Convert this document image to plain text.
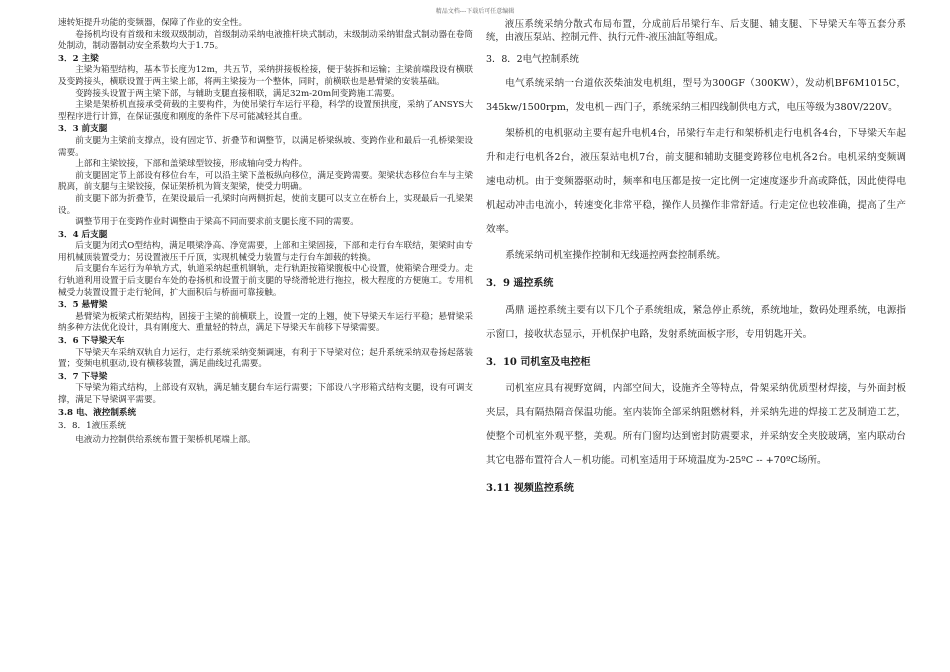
精品文档---下载后可任意编辑

速转矩提升功能的变频器，保障了作业的安全性。

卷扬机均设有首级和末级双级制动，首级制动采纳电液推杆块式制动，末级制动采纳钳盘式制动器在卷筒处制动，制动器制动安全系数均大于1.75。

3．2 主梁

主梁为箱型结构，基本节长度为12m，共五节，采纳拼接板栓接，便于装拆和运输；主梁前端段设有横联及变跨接头，横联设置于两主梁上部，将两主梁接为一个整体，同时，前横联也是悬臂梁的安装基础。

变跨接头设置于两主梁下部，与辅助支腿直接相联，满足32m-20m间变跨施工需要。

主梁是架桥机直接承受荷载的主要构件，为使吊梁行车运行平稳，科学的设置预拱度，采纳了ANSYS大型程序进行计算，在保证强度和刚度的条件下尽可能减轻其自重。

3．3 前支腿

前支腿为主梁前支撑点，设有固定节、折叠节和调整节，以满足桥梁纵坡、变跨作业和最后一孔桥梁架设需要。

上部和主梁铰接，下部和盖梁球型铰接，形成轴向受力构件。

前支腿固定节上部设有移位台车，可以沿主梁下盖板纵向移位，满足变跨需要。架梁状态移位台车与主梁脱离，前支腿与主梁铰接，保证架桥机为简支架梁，使受力明确。

前支腿下部为折叠节，在架设最后一孔梁时向两侧折起，使前支腿可以支立在桥台上，实现最后一孔梁架设。

调整节用于在变跨作业时调整由于梁高不同而要求前支腿长度不同的需要。

3．4 后支腿

后支腿为闭式O型结构，满足喂梁净高、净宽需要，上部和主梁固接，下部和走行台车联结，架梁时由专用机械顶装置受力；另设置液压千斤顶，实现机械受力装置与走行台车卸载的转换。

后支腿台车运行为单轨方式，轨道采纳起重机钢轨，走行轨距按箱梁腹板中心设置，使箱梁合理受力。走行轨道利用设置于后支腿台车处的卷扬机和设置于前支腿的导绕滑轮进行拖拉，极大程度的方便施工。专用机械受力装置设置于走行轮间，扩大面积后与桥面可靠接触。

3．5 悬臂梁

悬臂梁为板梁式桁架结构，固接于主梁的前横联上，设置一定的上翘，使下导梁天车运行平稳；悬臂梁采纳多种方法优化设计，具有刚度大、重量轻的特点，满足下导梁天车前移下导梁需要。

3．6 下导梁天车

下导梁天车采纳双轨自力运行，走行系统采纳变频调速，有利于下导梁对位；起升系统采纳双卷扬起落装置；变频电机驱动,设有横移装置，满足曲线过孔需要。

3．7 下导梁

下导梁为箱式结构，上部设有双轨，满足辅支腿台车运行需要；下部设八字形箱式结构支腿，设有可调支撑，满足下导梁调平需要。

3.8 电、液控制系统

3．8．1液压系统

电液动力控制供给系统布置于架桥机尾端上部。

液压系统采纳分散式布局布置，分成前后吊梁行车、后支腿、辅支腿、下导梁天车等五套分系统，由液压泵站、控制元件、执行元件-液压油缸等组成。

3．8．2电气控制系统

电气系统采纳一台道依茨柴油发电机组，型号为300GF（300KW），发动机BF6M1015C，345kw/1500rpm，发电机－西门子，系统采纳三相四线制供电方式，电压等级为380V/220V。

架桥机的电机驱动主要有起升电机4台，吊梁行车走行和架桥机走行电机各4台，下导梁天车起升和走行电机各2台，液压泵站电机7台，前支腿和辅助支腿变跨移位电机各2台。电机采纳变频调速电动机。由于变频器驱动时，频率和电压都是按一定比例一定速度逐步升高或降低，因此使得电机起动冲击电流小，转速变化非常平稳，操作人员操作非常舒适。行走定位也较准确，提高了生产效率。

系统采纳司机室操作控制和无线遥控两套控制系统。

3．9 遥控系统

禹鼎 遥控系统主要有以下几个子系统组成，紧急停止系统，系统地址，数码处理系统，电源指示窗口，接收状态显示，开机保护电路，发射系统面板字形，专用钥匙开关。

3．10 司机室及电控柜

司机室应具有视野宽阔，内部空间大，设施齐全等特点，骨架采纳优质型材焊接，与外面封板夹层，具有隔热隔音保温功能。室内装饰全部采纳阻燃材料，并采纳先进的焊接工艺及制造工艺，使整个司机室外观平整，美观。所有门窗均达到密封防震要求，并采纳安全夹胶玻璃，室内联动台其它电器布置符合人－机功能。司机室适用于环境温度为-25ºC -- +70ºC场所。

3.11 视频监控系统
